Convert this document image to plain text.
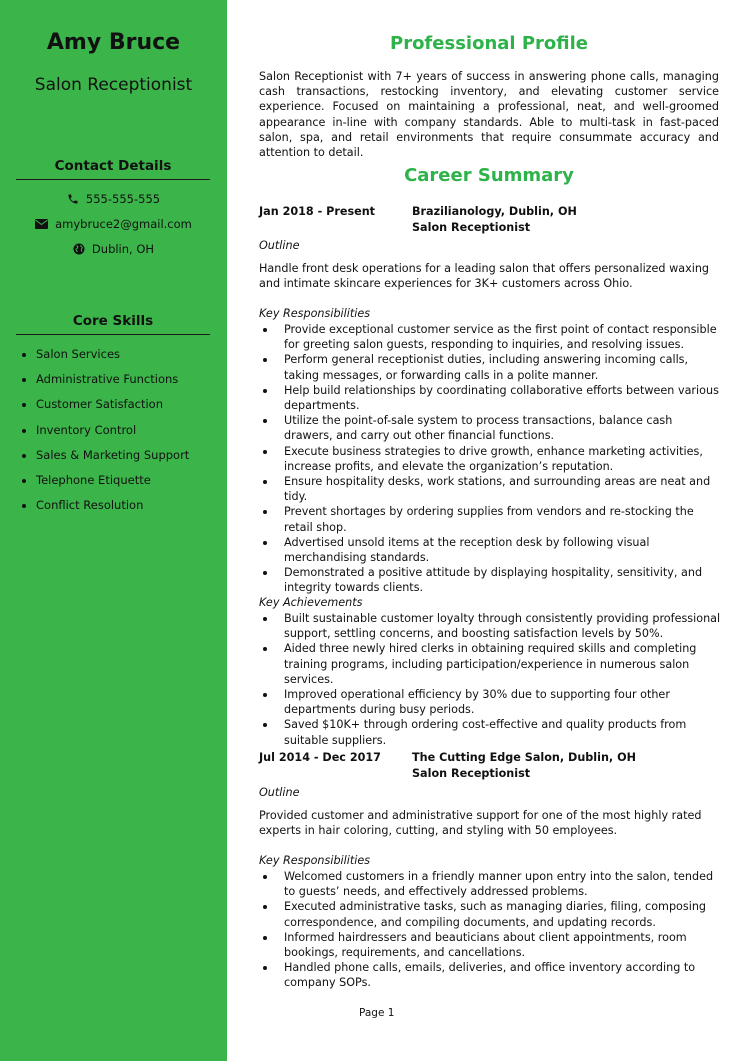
Amy Bruce
Salon Receptionist
Contact Details
555-555-555
amybruce2@gmail.com
Dublin, OH
Core Skills
Salon Services
Administrative Functions
Customer Satisfaction
Inventory Control
Sales & Marketing Support
Telephone Etiquette
Conflict Resolution
Professional Profile
Salon Receptionist with 7+ years of success in answering phone calls, managing cash transactions, restocking inventory, and elevating customer service experience. Focused on maintaining a professional, neat, and well-groomed appearance in-line with company standards. Able to multi-task in fast-paced salon, spa, and retail environments that require consummate accuracy and attention to detail.
Career Summary
Jan 2018 - Present	Brazilianology, Dublin, OH
Salon Receptionist
Outline
Handle front desk operations for a leading salon that offers personalized waxing and intimate skincare experiences for 3K+ customers across Ohio.
Key Responsibilities
Provide exceptional customer service as the first point of contact responsible for greeting salon guests, responding to inquiries, and resolving issues.
Perform general receptionist duties, including answering incoming calls, taking messages, or forwarding calls in a polite manner.
Help build relationships by coordinating collaborative efforts between various departments.
Utilize the point-of-sale system to process transactions, balance cash drawers, and carry out other financial functions.
Execute business strategies to drive growth, enhance marketing activities, increase profits, and elevate the organization’s reputation.
Ensure hospitality desks, work stations, and surrounding areas are neat and tidy.
Prevent shortages by ordering supplies from vendors and re-stocking the retail shop.
Advertised unsold items at the reception desk by following visual merchandising standards.
Demonstrated a positive attitude by displaying hospitality, sensitivity, and integrity towards clients.
Key Achievements
Built sustainable customer loyalty through consistently providing professional support, settling concerns, and boosting satisfaction levels by 50%.
Aided three newly hired clerks in obtaining required skills and completing training programs, including participation/experience in numerous salon services.
Improved operational efficiency by 30% due to supporting four other departments during busy periods.
Saved $10K+ through ordering cost-effective and quality products from suitable suppliers.
Jul 2014 - Dec 2017	The Cutting Edge Salon, Dublin, OH
Salon Receptionist
Outline
Provided customer and administrative support for one of the most highly rated experts in hair coloring, cutting, and styling with 50 employees.
Key Responsibilities
Welcomed customers in a friendly manner upon entry into the salon, tended to guests’ needs, and effectively addressed problems.
Executed administrative tasks, such as managing diaries, filing, composing correspondence, and compiling documents, and updating records.
Informed hairdressers and beauticians about client appointments, room bookings, requirements, and cancellations.
Handled phone calls, emails, deliveries, and office inventory according to company SOPs.
Page 1
